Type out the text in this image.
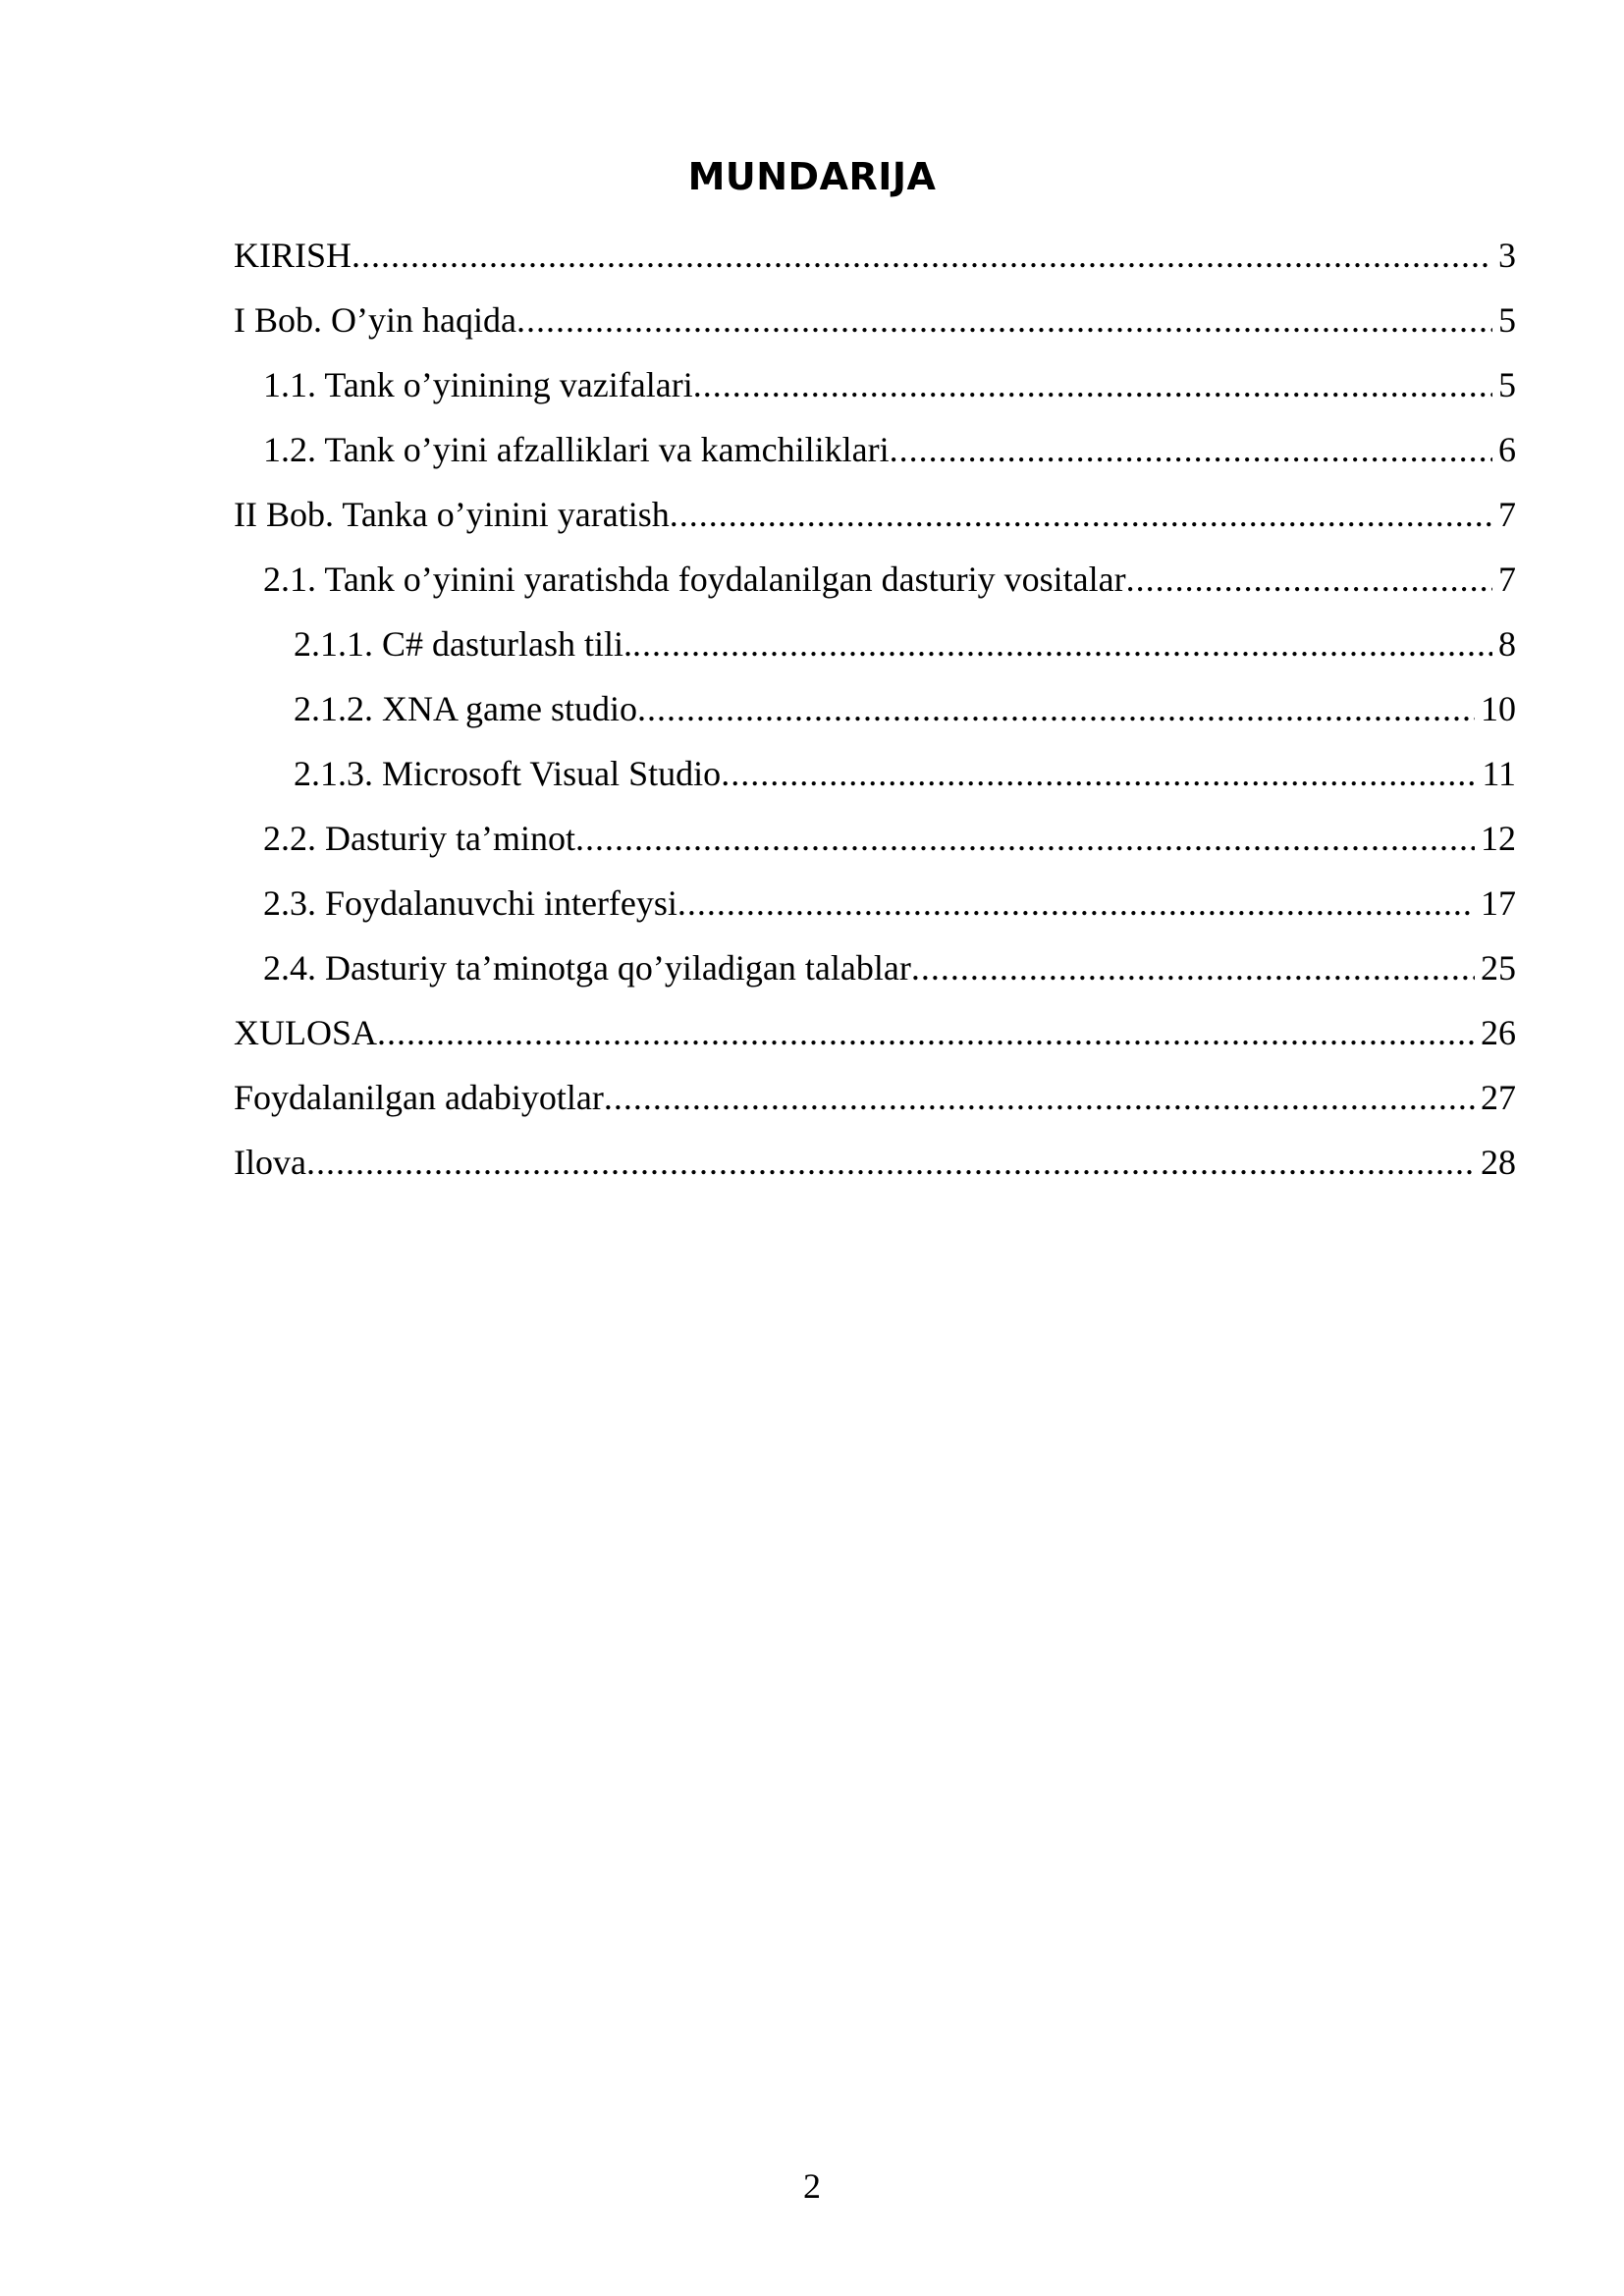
MUNDARIJA
KIRISH .....	3
I Bob. O’yin haqida .....	5
1.1. Tank o’yinining vazifalari .....	5
1.2. Tank o’yini afzalliklari va kamchiliklari .....	6
II Bob. Tanka o’yinini yaratish .....	7
2.1. Tank o’yinini yaratishda foydalanilgan dasturiy vositalar .....	7
2.1.1. C# dasturlash tili. .....	8
2.1.2. XNA game studio .....	10
2.1.3. Microsoft Visual Studio .....	11
2.2. Dasturiy ta’minot .....	12
2.3. Foydalanuvchi interfeysi .....	17
2.4. Dasturiy ta’minotga qo’yiladigan talablar .....	25
XULOSA .....	26
Foydalanilgan adabiyotlar .....	27
Ilova .....	28
2
